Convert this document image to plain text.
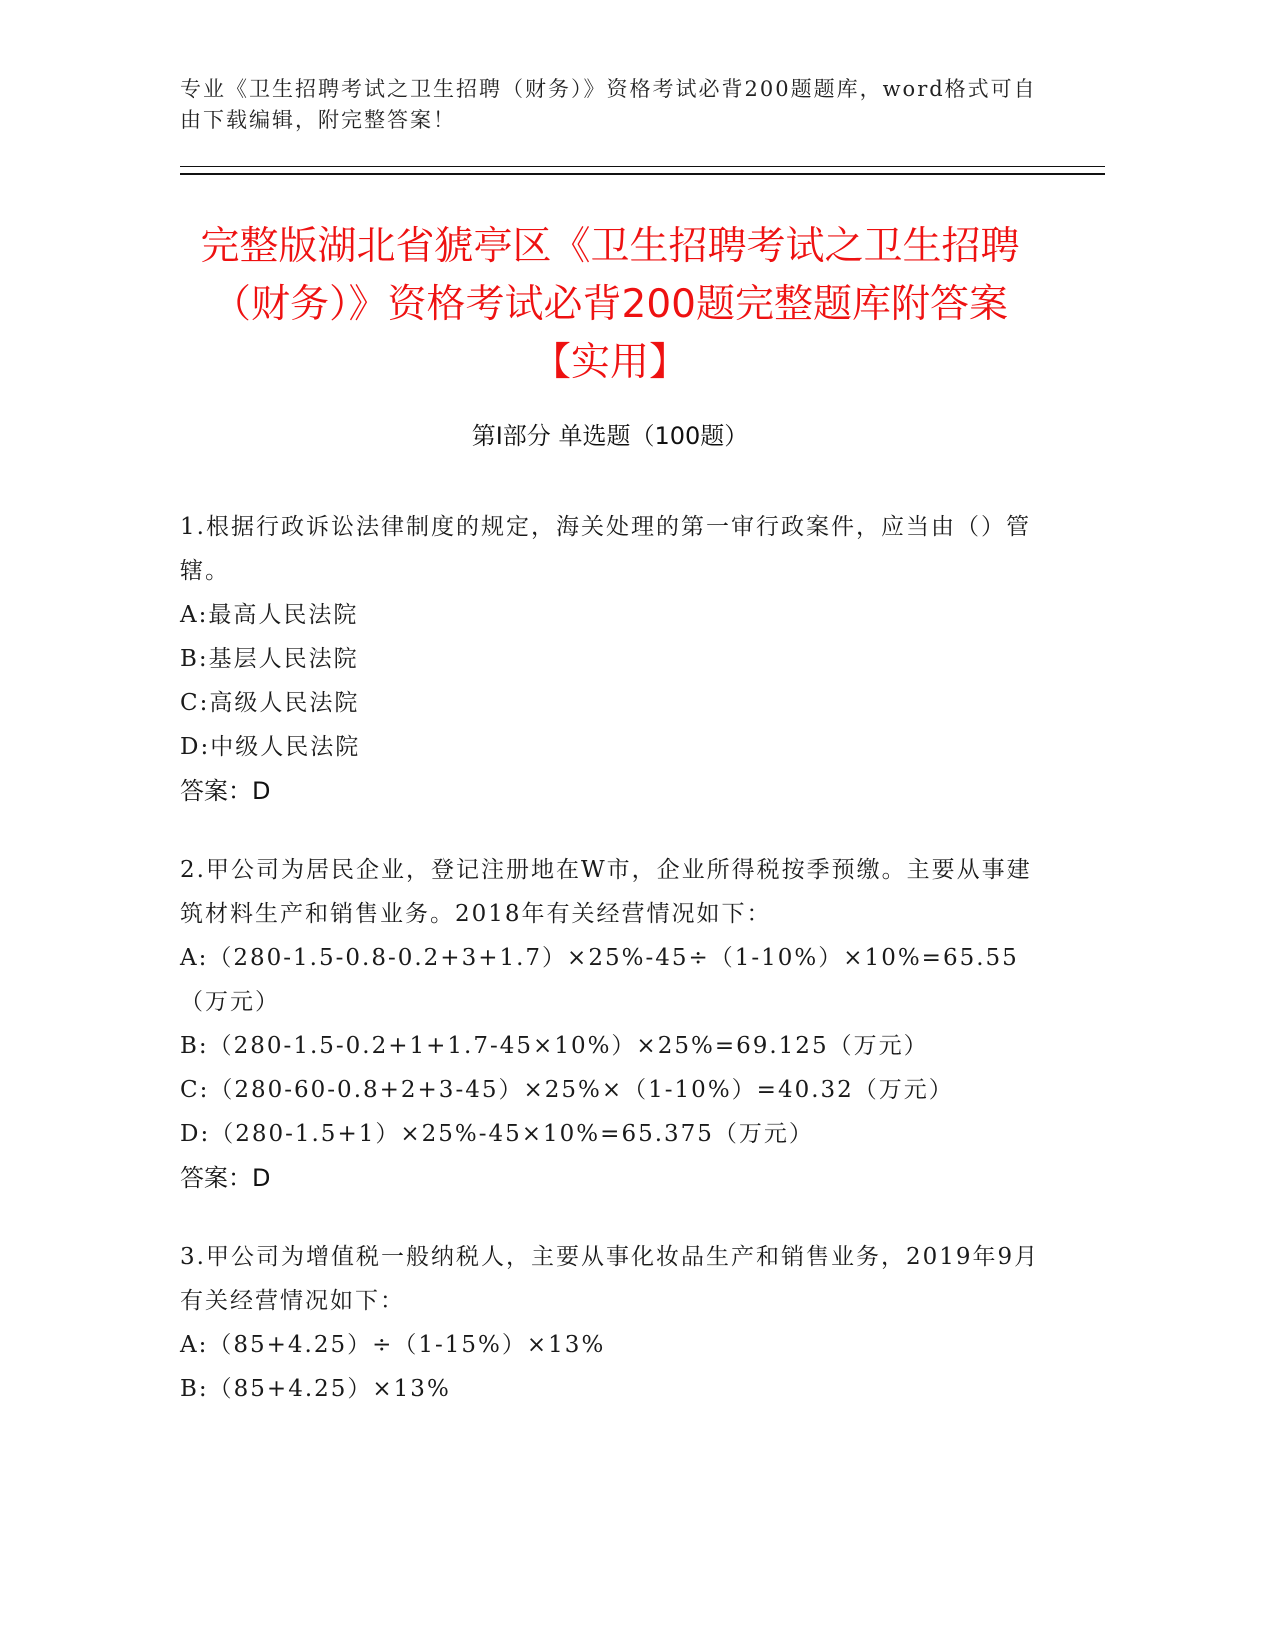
专业《卫生招聘考试之卫生招聘（财务）》资格考试必背200题题库，word格式可自由下载编辑，附完整答案！
完整版湖北省猇亭区《卫生招聘考试之卫生招聘（财务）》资格考试必背200题完整题库附答案【实用】
第Ⅰ部分 单选题（100题）
1.根据行政诉讼法律制度的规定，海关处理的第一审行政案件，应当由（）管辖。
A:最高人民法院
B:基层人民法院
C:高级人民法院
D:中级人民法院
答案：D
2.甲公司为居民企业，登记注册地在W市，企业所得税按季预缴。主要从事建筑材料生产和销售业务。2018年有关经营情况如下：
A:（280-1.5-0.8-0.2+3+1.7）×25%-45÷（1-10%）×10%=65.55（万元）
B:（280-1.5-0.2+1+1.7-45×10%）×25%=69.125（万元）
C:（280-60-0.8+2+3-45）×25%×（1-10%）=40.32（万元）
D:（280-1.5+1）×25%-45×10%=65.375（万元）
答案：D
3.甲公司为增值税一般纳税人，主要从事化妆品生产和销售业务，2019年9月有关经营情况如下：
A:（85+4.25）÷（1-15%）×13%
B:（85+4.25）×13%
